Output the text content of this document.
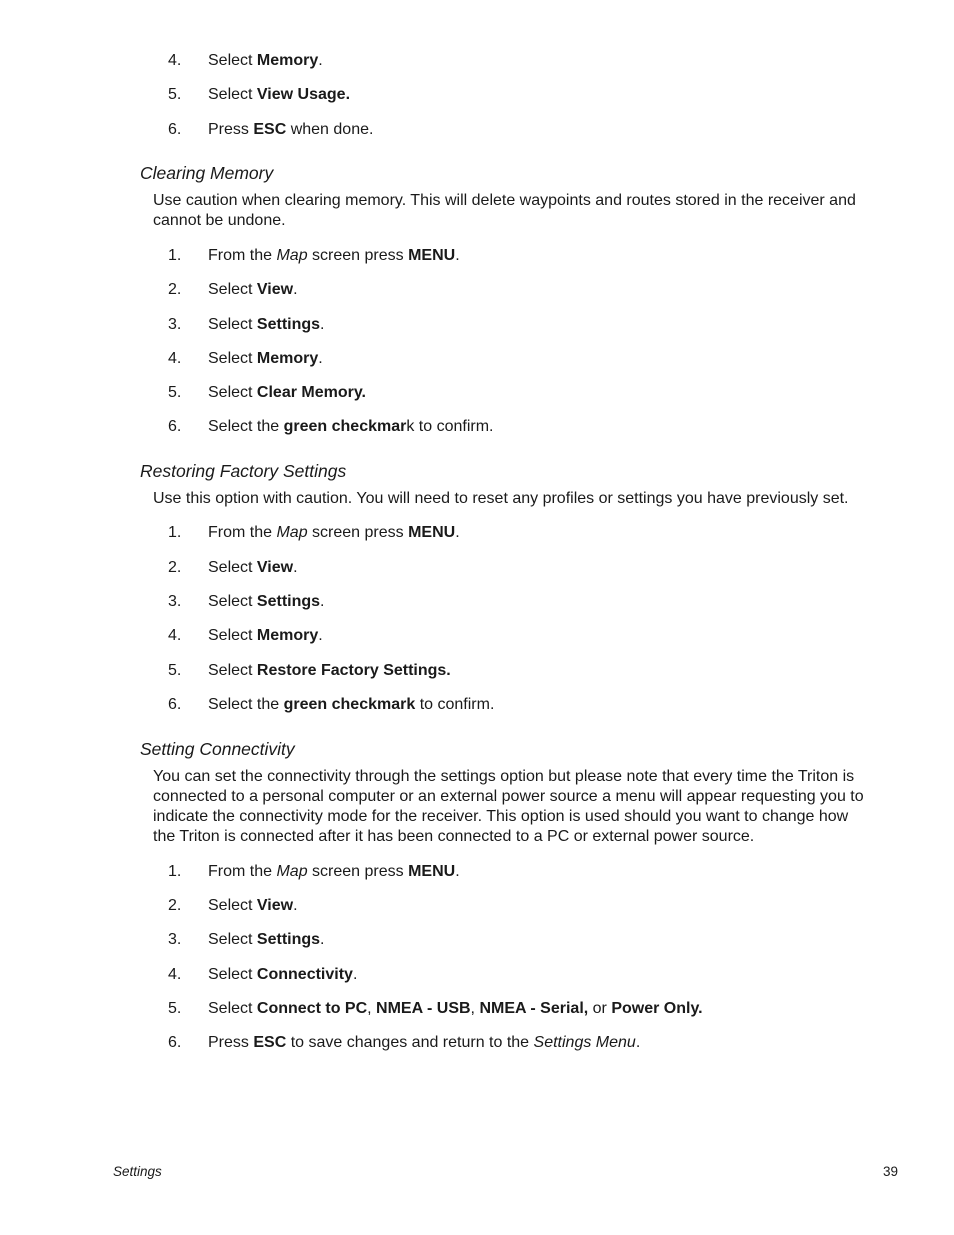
4.	Select Memory.
5.	Select View Usage.
6.	Press ESC when done.
Clearing Memory
Use caution when clearing memory. This will delete waypoints and routes stored in the receiver and
cannot be undone.
1.	From the Map screen press MENU.
2.	Select View.
3.	Select Settings.
4.	Select Memory.
5.	Select Clear Memory.
6.	Select the green checkmark to confirm.
Restoring Factory Settings
Use this option with caution. You will need to reset any profiles or settings you have previously set.
1.	From the Map screen press MENU.
2.	Select View.
3.	Select Settings.
4.	Select Memory.
5.	Select Restore Factory Settings.
6.	Select the green checkmark to confirm.
Setting Connectivity
You can set the connectivity through the settings option but please note that every time the Triton is
connected to a personal computer or an external power source a menu will appear requesting you to
indicate the connectivity mode for the receiver. This option is used should you want to change how
the Triton is connected after it has been connected to a PC or external power source.
1.	From the Map screen press MENU.
2.	Select View.
3.	Select Settings.
4.	Select Connectivity.
5.	Select Connect to PC, NMEA - USB, NMEA - Serial, or Power Only.
6.	Press ESC to save changes and return to the Settings Menu.
Settings	39
